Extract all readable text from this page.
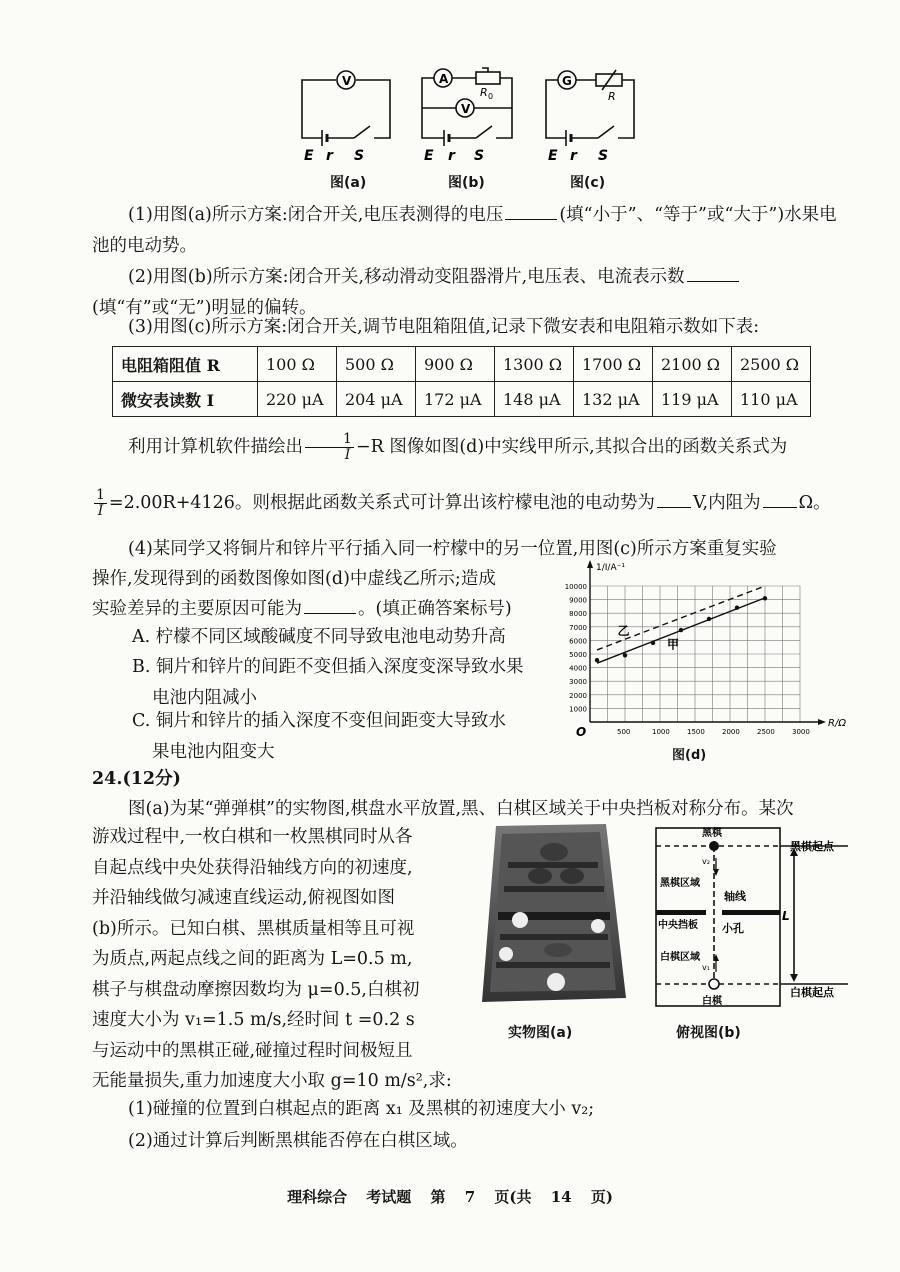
V
E r S
图(a)
A
V
R 0
E r S
图(b)
G
R
E r S
图(c)
(1)用图(a)所示方案:闭合开关,电压表测得的电压	(填“小于”、“等于”或“大于”)水果电池的电动势。
(2)用图(b)所示方案:闭合开关,移动滑动变阻器滑片,电压表、电流表示数(填“有”或“无”)明显的偏转。
(3)用图(c)所示方案:闭合开关,调节电阻箱阻值,记录下微安表和电阻箱示数如下表:
电阻箱阻值 R	100 Ω	500 Ω	900 Ω	1300 Ω	1700 Ω	2100 Ω	2500 Ω
微安表读数 I	220 μA	204 μA	172 μA	148 μA	132 μA	119 μA	110 μA
利用计算机软件描绘出 $\frac{1}{I} -R$ 图像如图(d)中实线甲所示,其拟合出的函数关系式为
$\frac{1}{I} =2.00R+4126$。则根据此函数关系式可计算出该柠檬电池的电动势为 V,内阻为 Ω。
(4)某同学又将铜片和锌片平行插入同一柠檬中的另一位置,用图(c)所示方案重复实验
操作,发现得到的函数图像如图(d)中虚线乙所示;造成
实验差异的主要原因可能为	。(填正确答案标号)
A. 柠檬不同区域酸碱度不同导致电池电动势升高
B. 铜片和锌片的间距不变但插入深度变深导致水果
电池内阻减小
C. 铜片和锌片的插入深度不变但间距变大导致水
果电池内阻变大
500	1000 1500 2000 2500 3000
1000
2000
3000
4000
5000
6000
7000
8000
9000
10000
O
R/Ω
1/I/A⁻¹
乙
甲
图(d)
24.(12分)
图(a)为某“弹弹棋”的实物图,棋盘水平放置,黑、白棋区域关于中央挡板对称分布。某次
游戏过程中,一枚白棋和一枚黑棋同时从各
自起点线中央处获得沿轴线方向的初速度,
并沿轴线做匀减速直线运动,俯视图如图
(b)所示。已知白棋、黑棋质量相等且可视
为质点,两起点线之间的距离为 L=0.5 m,
棋子与棋盘动摩擦因数均为 μ=0.5,白棋初
速度大小为 v₁=1.5 m/s,经时间 t =0.2 s
与运动中的黑棋正碰,碰撞过程时间极短且
无能量损失,重力加速度大小取 g=10 m/s²,求:
(1)碰撞的位置到白棋起点的距离 x₁ 及黑棋的初速度大小 v₂;
(2)通过计算后判断黑棋能否停在白棋区域。
实物图(a)
黑棋
黑棋起点
黑棋区域
轴线
中央挡板 小孔
白棋区域
白棋
白棋起点
L
v₂
v₁
俯视图(b)
理科综合 考试题 第 7 页(共 14 页)
